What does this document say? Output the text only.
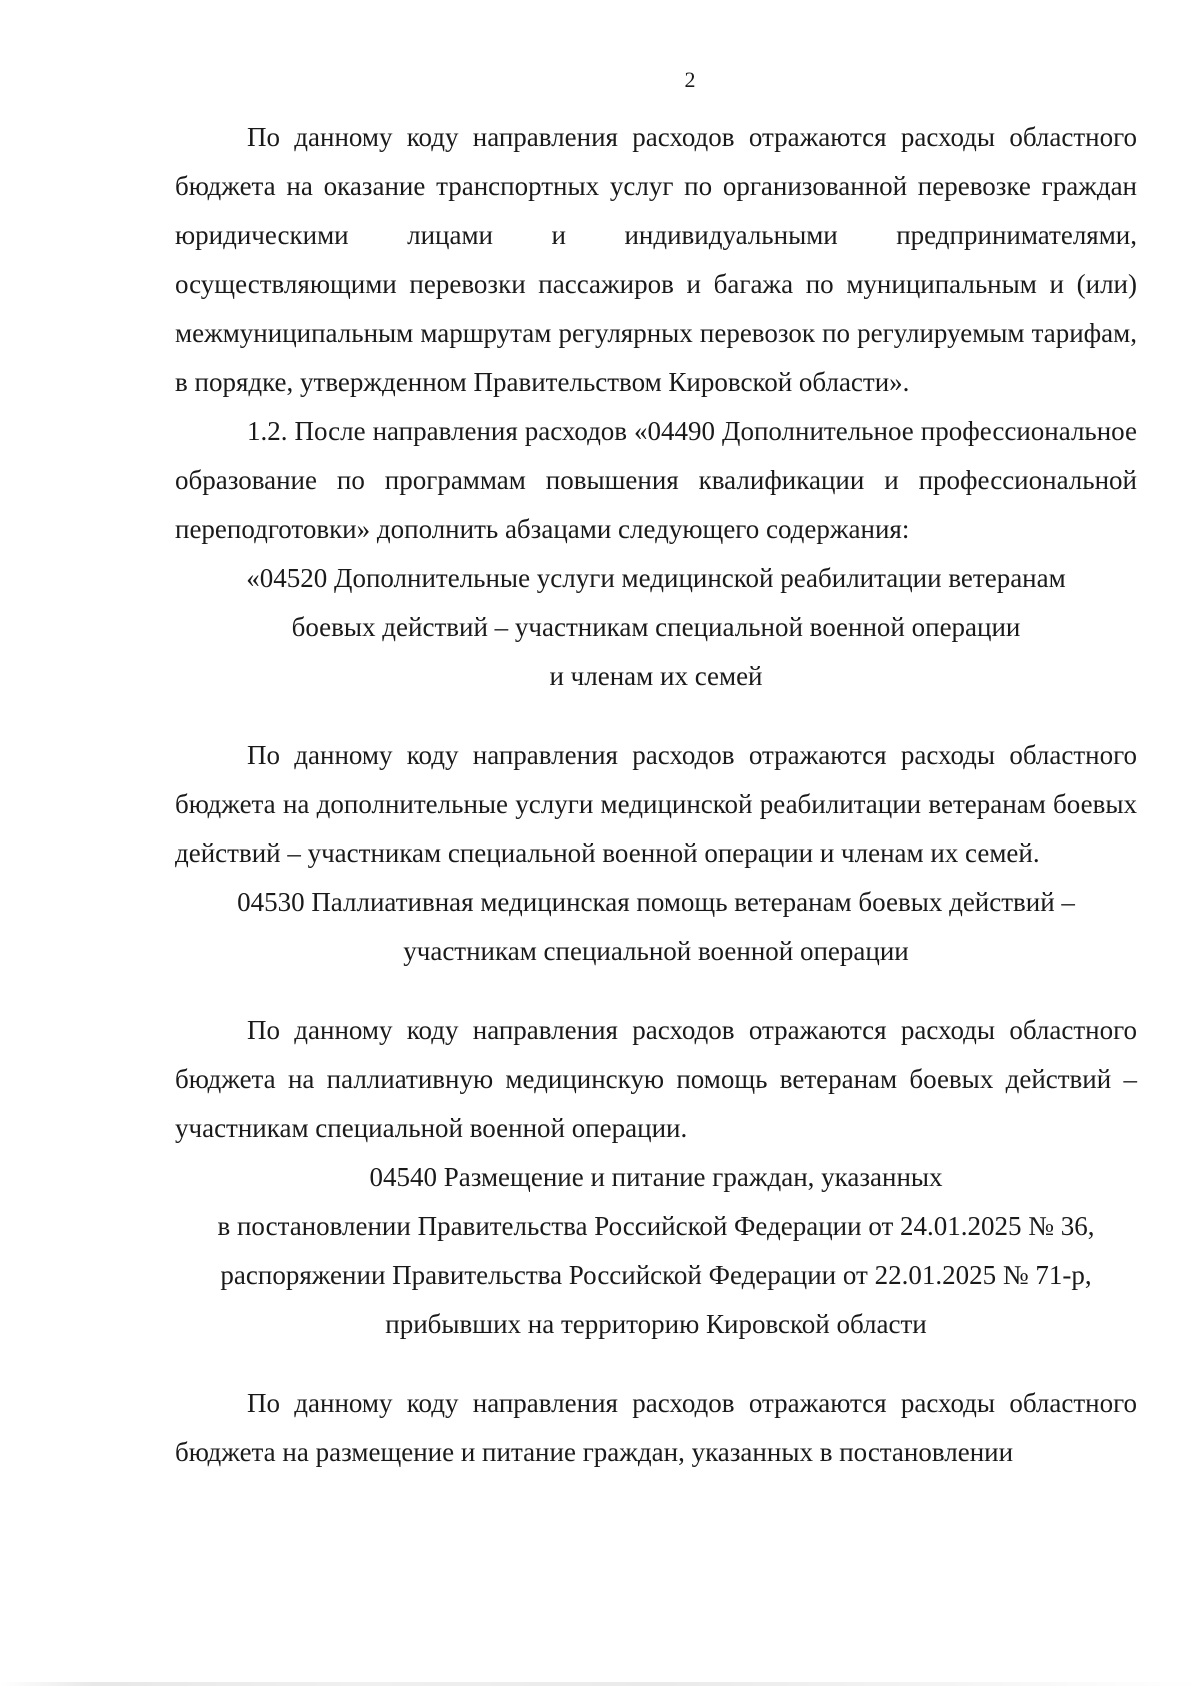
2

По данному коду направления расходов отражаются расходы областного бюджета на оказание транспортных услуг по организованной перевозке граждан юридическими лицами и индивидуальными предпринимателями, осуществляющими перевозки пассажиров и багажа по муниципальным и (или) межмуниципальным маршрутам регулярных перевозок по регулируемым тарифам, в порядке, утвержденном Правительством Кировской области».

1.2. После направления расходов «04490 Дополнительное профессиональное образование по программам повышения квалификации и профессиональной переподготовки» дополнить абзацами следующего содержания:

«04520 Дополнительные услуги медицинской реабилитации ветеранам
боевых действий – участникам специальной военной операции
и членам их семей

По данному коду направления расходов отражаются расходы областного бюджета на дополнительные услуги медицинской реабилитации ветеранам боевых действий – участникам специальной военной операции и членам их семей.

04530 Паллиативная медицинская помощь ветеранам боевых действий –
участникам специальной военной операции

По данному коду направления расходов отражаются расходы областного бюджета на паллиативную медицинскую помощь ветеранам боевых действий – участникам специальной военной операции.

04540 Размещение и питание граждан, указанных
в постановлении Правительства Российской Федерации от 24.01.2025 № 36,
распоряжении Правительства Российской Федерации от 22.01.2025 № 71-р,
прибывших на территорию Кировской области

По данному коду направления расходов отражаются расходы областного бюджета на размещение и питание граждан, указанных в постановлении
